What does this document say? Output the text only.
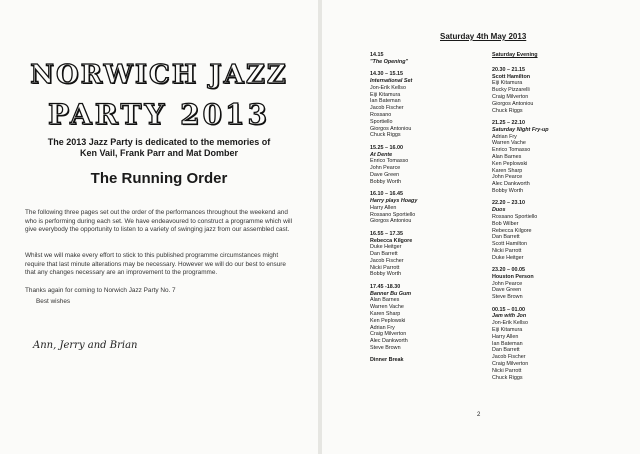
NORWICH JAZZ
PARTY 2013
The 2013 Jazz Party is dedicated to the memories of
Ken Vail, Frank Parr and Mat Domber
The Running Order
The following three pages set out the order of the performances throughout the weekend and who is performing during each set. We have endeavoured to construct a programme which will give everybody the opportunity to listen to a variety of swinging jazz from our assembled cast.
Whilst we will make every effort to stick to this published programme circumstances might require that last minute alterations may be necessary. However we will do our best to ensure that any changes necessary are an improvement to the programme.
Thanks again for coming to Norwich Jazz Party No. 7
Best wishes
Ann, Jerry and Brian
Saturday 4th May 2013
14.15
"The Opening"
14.30 – 15.15
International Set
Jon-Erik Kellso
Eiji Kitamura
Ian Bateman
Jacob Fischer
Rossano
Sportiello
Giorgos Antoniou
Chuck Riggs
15.25 – 16.00
At Dente
Enrico Tomasso
John Pearce
Dave Green
Bobby Worth
16.10 – 16.45
Harry plays Hoagy
Harry Allen
Rossano Sportiello
Giorgos Antoniou
16.55 – 17.35
Rebecca Kilgore
Duke Heitger
Dan Barrett
Jacob Fischer
Nicki Parrott
Bobby Worth
17.45 -18.30
Banner Bu Gum
Alan Barnes
Warren Vache
Karen Sharp
Ken Peplowski
Adrian Fry
Craig Milverton
Alec Dankworth
Steve Brown
Dinner Break
Saturday Evening
20.30 – 21.15
Scott Hamilton
Eiji Kitamura
Bucky Pizzarelli
Craig Milverton
Giorgos Antoniou
Chuck Riggs
21.25 – 22.10
Saturday Night Fry-up
Adrian Fry
Warren Vache
Enrico Tomasso
Alan Barnes
Ken Peplowski
Karen Sharp
John Pearce
Alec Dankworth
Bobby Worth
22.20 – 23.10
Duos
Rossano Sportiello
Bob Wilber
Rebecca Kilgore
Dan Barrett
Scott Hamilton
Nicki Parrott
Duke Heitger
23.20 – 00.05
Houston Person
John Pearce
Dave Green
Steve Brown
00.15 – 01.00
Jam with Jon
Jon-Erik Kellso
Eiji Kitamura
Harry Allen
Ian Bateman
Dan Barrett
Jacob Fischer
Craig Milverton
Nicki Parrott
Chuck Riggs
2
